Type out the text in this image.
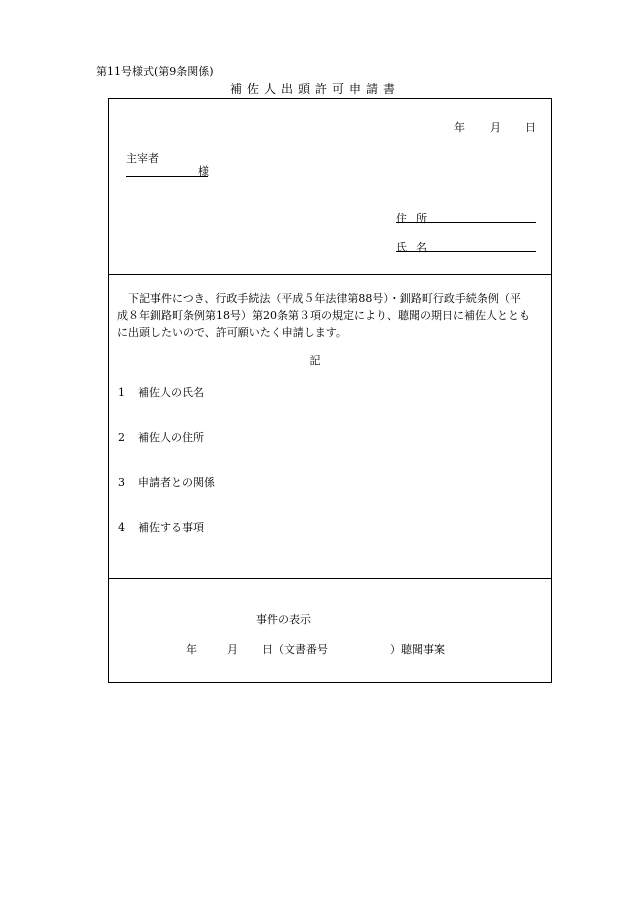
第11号様式(第9条関係)
補佐人出頭許可申請書
年 月 日
主宰者
様
住所
氏名
下記事件につき、行政手続法（平成５年法律第88号）・釧路町行政手続条例（平
成８年釧路町条例第18号）第20条第３項の規定により、聴聞の期日に補佐人ととも
に出頭したいので、許可願いたく申請します。
記
1 補佐人の氏名
2 補佐人の住所
3 申請者との関係
4 補佐する事項
事件の表示
年	月 日（文書番号	）聴聞事案
